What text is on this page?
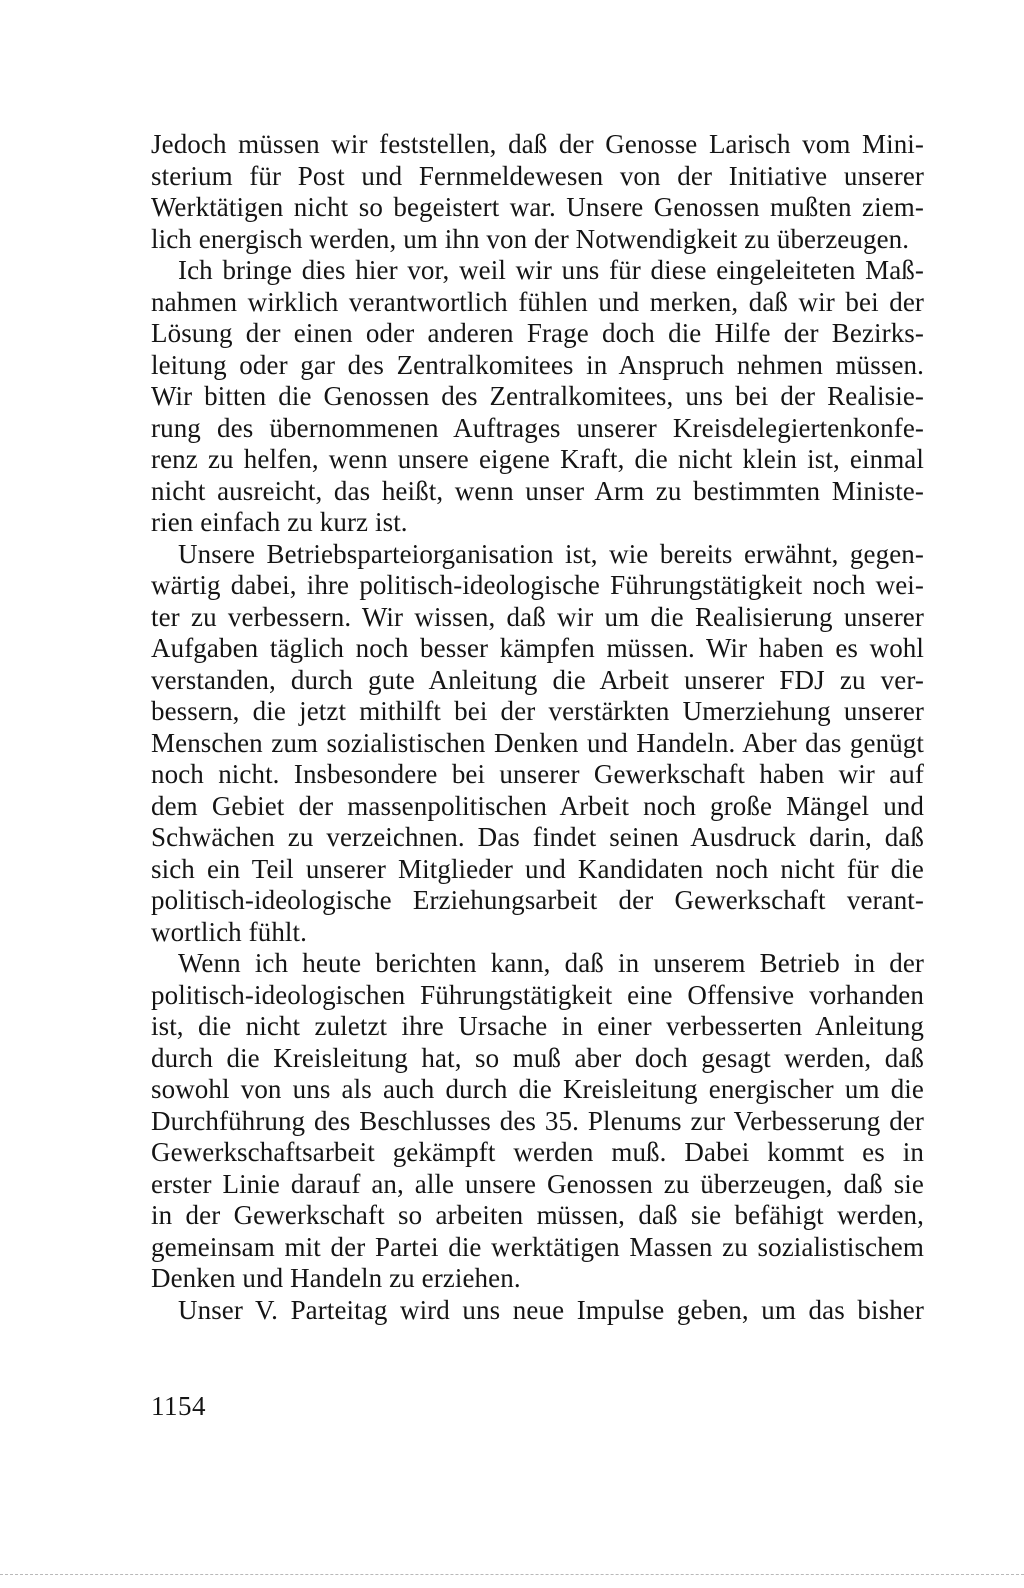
Jedoch müssen wir feststellen, daß der Genosse Larisch vom Mini-
sterium für Post und Fernmeldewesen von der Initiative unserer
Werktätigen nicht so begeistert war. Unsere Genossen mußten ziem-
lich energisch werden, um ihn von der Notwendigkeit zu überzeugen.
Ich bringe dies hier vor, weil wir uns für diese eingeleiteten Maß-
nahmen wirklich verantwortlich fühlen und merken, daß wir bei der
Lösung der einen oder anderen Frage doch die Hilfe der Bezirks-
leitung oder gar des Zentralkomitees in Anspruch nehmen müssen.
Wir bitten die Genossen des Zentralkomitees, uns bei der Realisie-
rung des übernommenen Auftrages unserer Kreisdelegiertenkonfe-
renz zu helfen, wenn unsere eigene Kraft, die nicht klein ist, einmal
nicht ausreicht, das heißt, wenn unser Arm zu bestimmten Ministe-
rien einfach zu kurz ist.
Unsere Betriebsparteiorganisation ist, wie bereits erwähnt, gegen-
wärtig dabei, ihre politisch-ideologische Führungstätigkeit noch wei-
ter zu verbessern. Wir wissen, daß wir um die Realisierung unserer
Aufgaben täglich noch besser kämpfen müssen. Wir haben es wohl
verstanden, durch gute Anleitung die Arbeit unserer FDJ zu ver-
bessern, die jetzt mithilft bei der verstärkten Umerziehung unserer
Menschen zum sozialistischen Denken und Handeln. Aber das genügt
noch nicht. Insbesondere bei unserer Gewerkschaft haben wir auf
dem Gebiet der massenpolitischen Arbeit noch große Mängel und
Schwächen zu verzeichnen. Das findet seinen Ausdruck darin, daß
sich ein Teil unserer Mitglieder und Kandidaten noch nicht für die
politisch-ideologische Erziehungsarbeit der Gewerkschaft verant-
wortlich fühlt.
Wenn ich heute berichten kann, daß in unserem Betrieb in der
politisch-ideologischen Führungstätigkeit eine Offensive vorhanden
ist, die nicht zuletzt ihre Ursache in einer verbesserten Anleitung
durch die Kreisleitung hat, so muß aber doch gesagt werden, daß
sowohl von uns als auch durch die Kreisleitung energischer um die
Durchführung des Beschlusses des 35. Plenums zur Verbesserung der
Gewerkschaftsarbeit gekämpft werden muß. Dabei kommt es in
erster Linie darauf an, alle unsere Genossen zu überzeugen, daß sie
in der Gewerkschaft so arbeiten müssen, daß sie befähigt werden,
gemeinsam mit der Partei die werktätigen Massen zu sozialistischem
Denken und Handeln zu erziehen.
Unser V. Parteitag wird uns neue Impulse geben, um das bisher
1154
